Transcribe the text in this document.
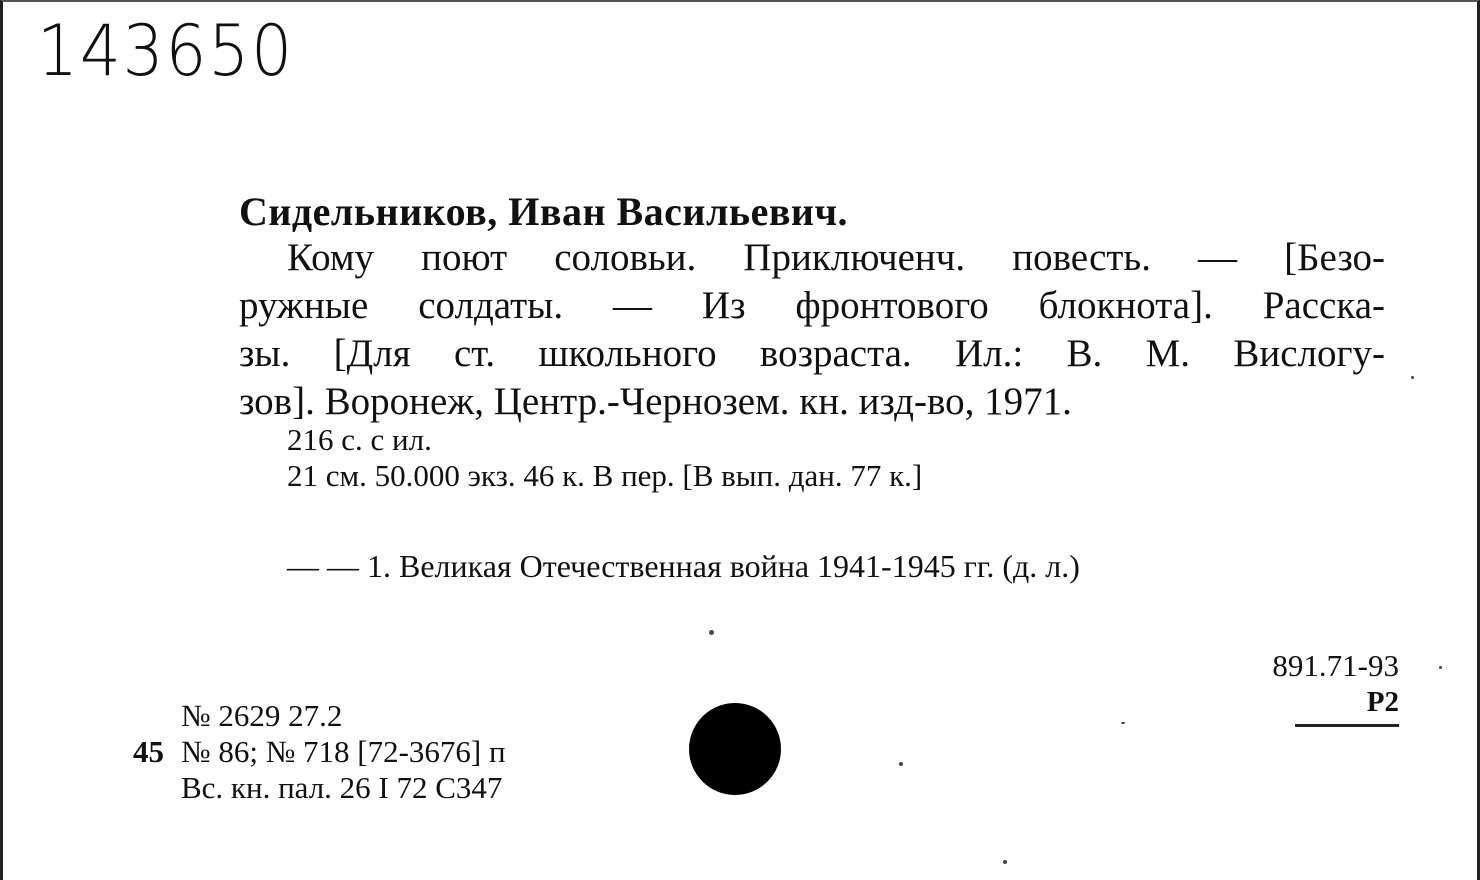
143650
Сидельников, Иван Васильевич.
Кому поют соловьи. Приключенч. повесть. — [Безо-
ружные солдаты. — Из фронтового блокнота]. Расска-
зы. [Для ст. школьного возраста. Ил.: В. М. Вислогу-
зов]. Воронеж, Центр.-Чернозем. кн. изд-во, 1971.
216 с. с ил.
21 см. 50.000 экз. 46 к. В пер. [В вып. дан. 77 к.]
— — 1. Великая Отечественная война 1941-1945 гг. (д. л.)
891.71-93
Р2
№ 2629 27.2
45 № 86; № 718 [72-3676] п
Вс. кн. пал. 26 I 72 С347
